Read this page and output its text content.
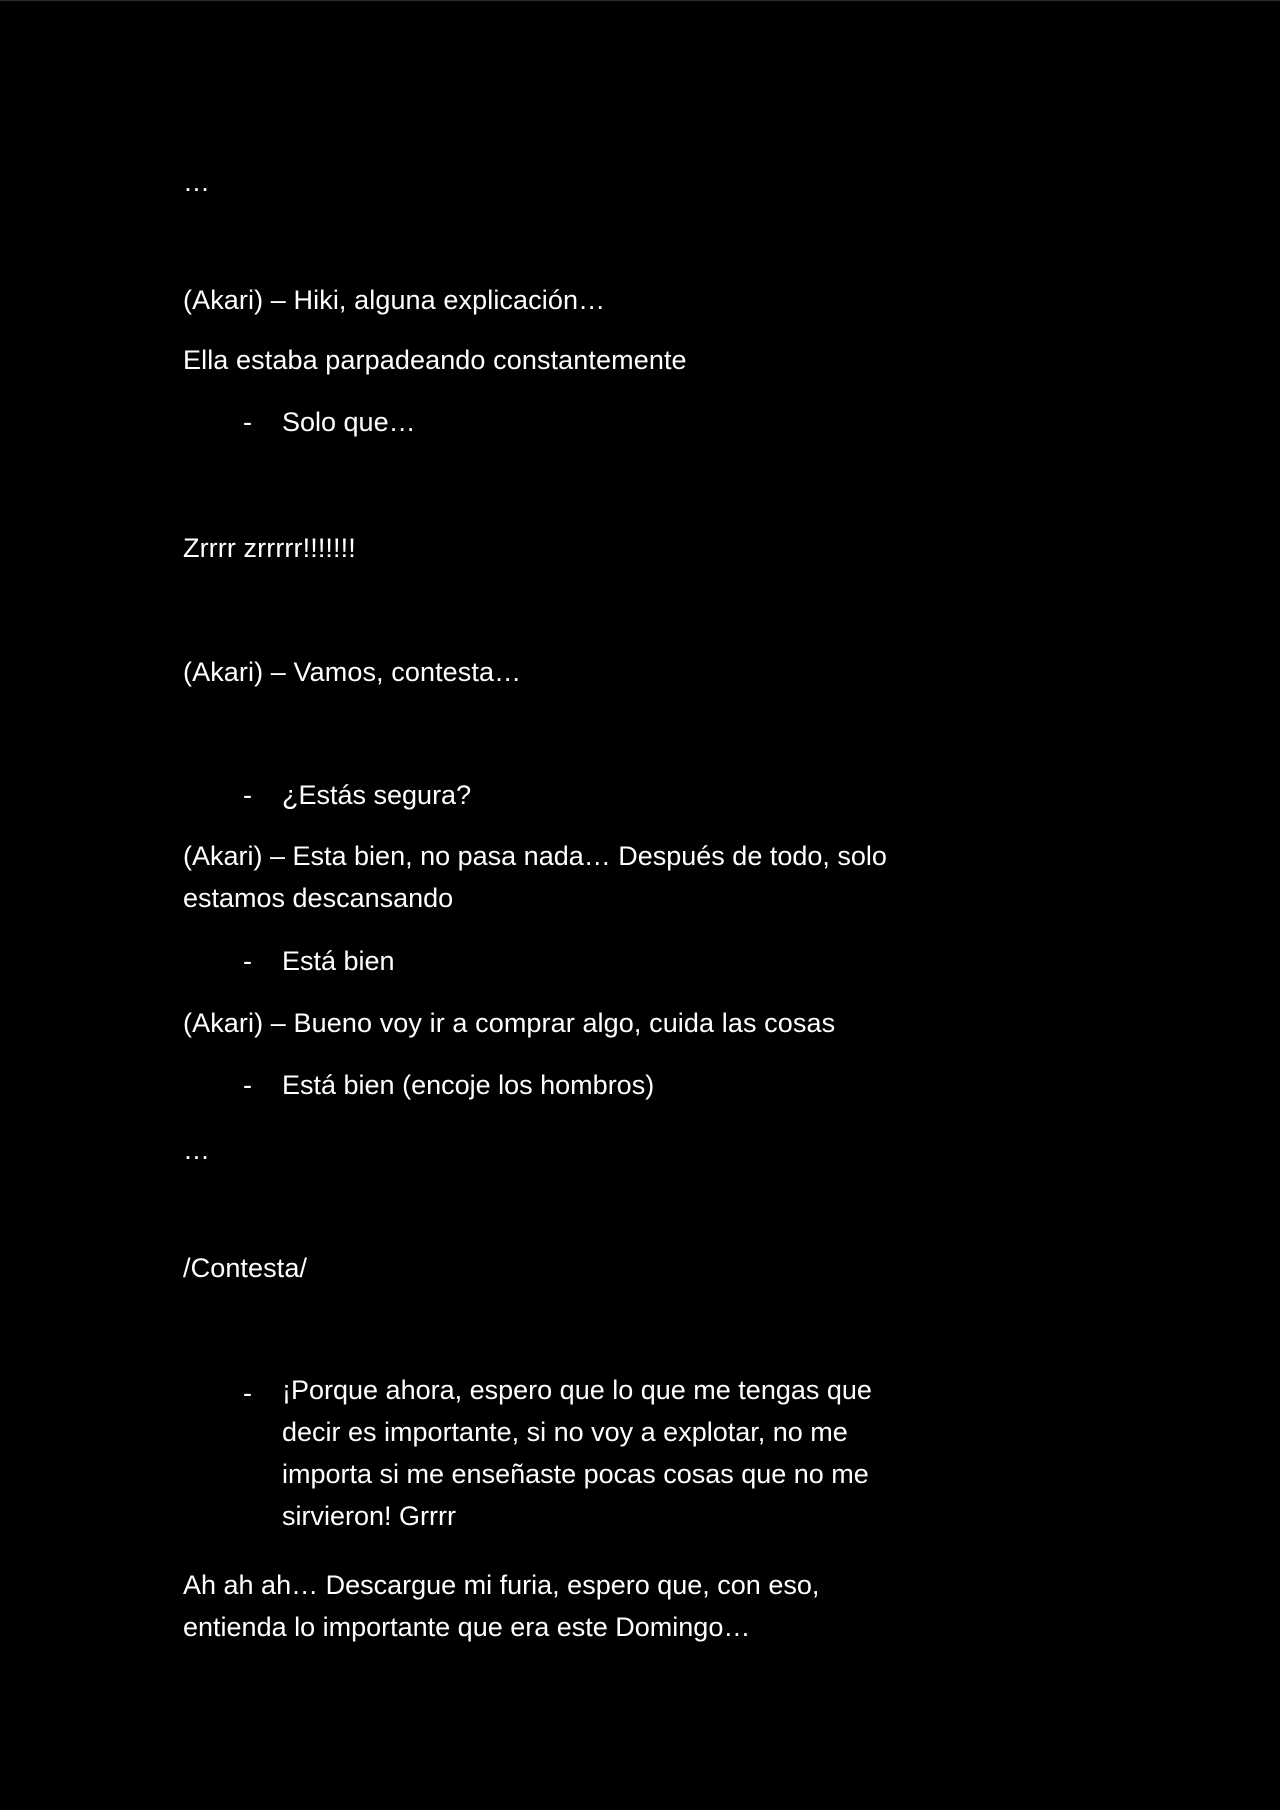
…
(Akari) – Hiki, alguna explicación…
Ella estaba parpadeando constantemente
- Solo que…
Zrrrr zrrrrr!!!!!!!
(Akari) – Vamos, contesta…
- ¿Estás segura?
(Akari) – Esta bien, no pasa nada… Después de todo, solo
estamos descansando
- Está bien
(Akari) – Bueno voy ir a comprar algo, cuida las cosas
- Está bien (encoje los hombros)
…
/Contesta/
- ¡Porque ahora, espero que lo que me tengas que
decir es importante, si no voy a explotar, no me
importa si me enseñaste pocas cosas que no me
sirvieron! Grrrr
Ah ah ah… Descargue mi furia, espero que, con eso,
entienda lo importante que era este Domingo…
